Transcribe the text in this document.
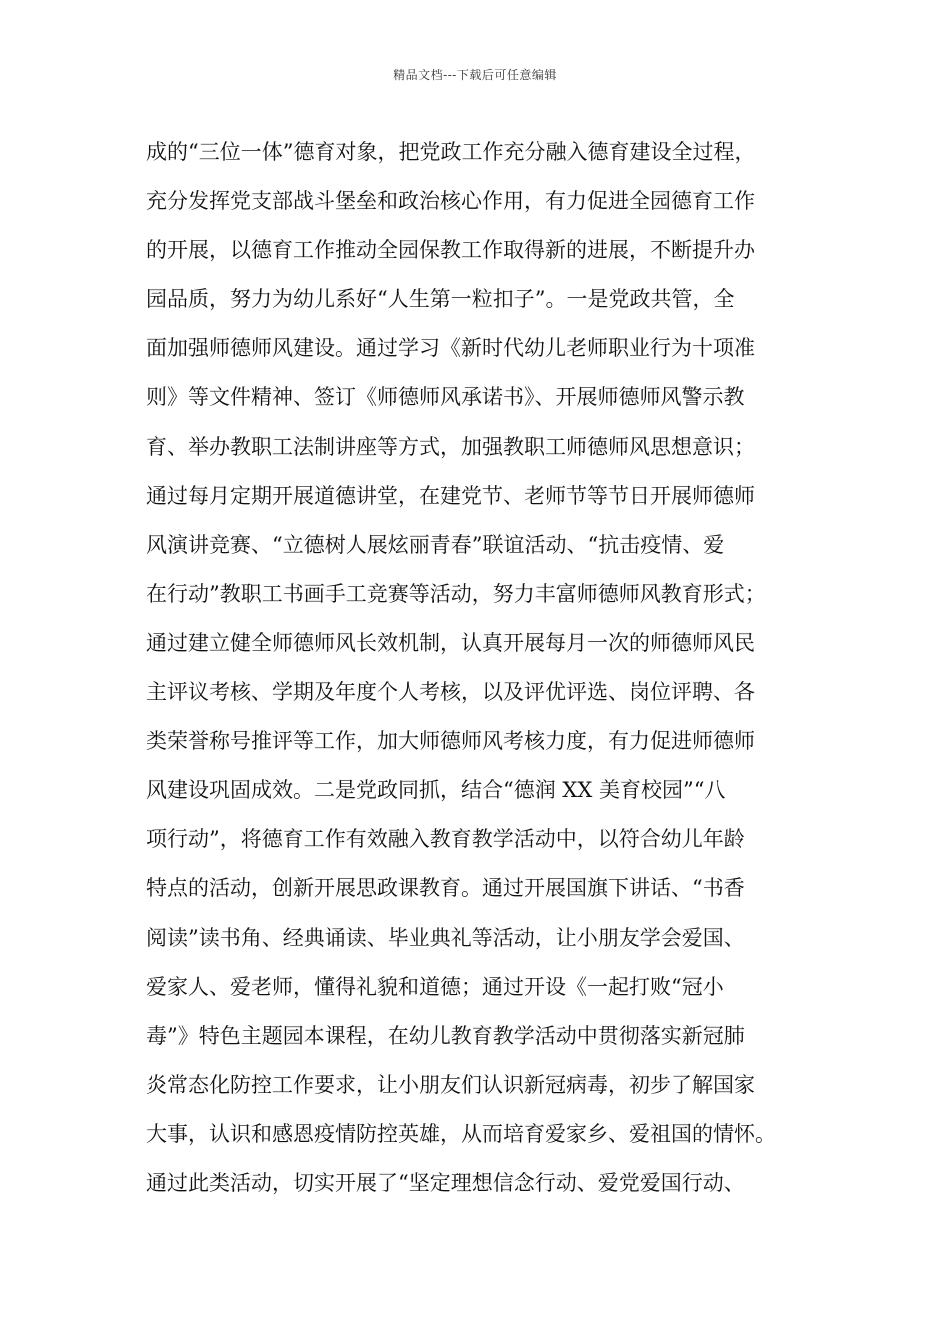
精品文档---下载后可任意编辑
成的“三位一体”德育对象，把党政工作充分融入德育建设全过程，
充分发挥党支部战斗堡垒和政治核心作用，有力促进全园德育工作
的开展，以德育工作推动全园保教工作取得新的进展，不断提升办
园品质，努力为幼儿系好“人生第一粒扣子”。一是党政共管，全
面加强师德师风建设。通过学习《新时代幼儿老师职业行为十项准
则》等文件精神、签订《师德师风承诺书》、开展师德师风警示教
育、举办教职工法制讲座等方式，加强教职工师德师风思想意识；
通过每月定期开展道德讲堂，在建党节、老师节等节日开展师德师
风演讲竞赛、“立德树人展炫丽青春”联谊活动、“抗击疫情、爱
在行动”教职工书画手工竞赛等活动，努力丰富师德师风教育形式；
通过建立健全师德师风长效机制，认真开展每月一次的师德师风民
主评议考核、学期及年度个人考核，以及评优评选、岗位评聘、各
类荣誉称号推评等工作，加大师德师风考核力度，有力促进师德师
风建设巩固成效。二是党政同抓，结合“德润 XX 美育校园”“八
项行动”，将德育工作有效融入教育教学活动中，以符合幼儿年龄
特点的活动，创新开展思政课教育。通过开展国旗下讲话、“书香
阅读”读书角、经典诵读、毕业典礼等活动，让小朋友学会爱国、
爱家人、爱老师，懂得礼貌和道德；通过开设《一起打败“冠小
毒”》特色主题园本课程，在幼儿教育教学活动中贯彻落实新冠肺
炎常态化防控工作要求，让小朋友们认识新冠病毒，初步了解国家
大事，认识和感恩疫情防控英雄，从而培育爱家乡、爱祖国的情怀。
通过此类活动，切实开展了“坚定理想信念行动、爱党爱国行动、
